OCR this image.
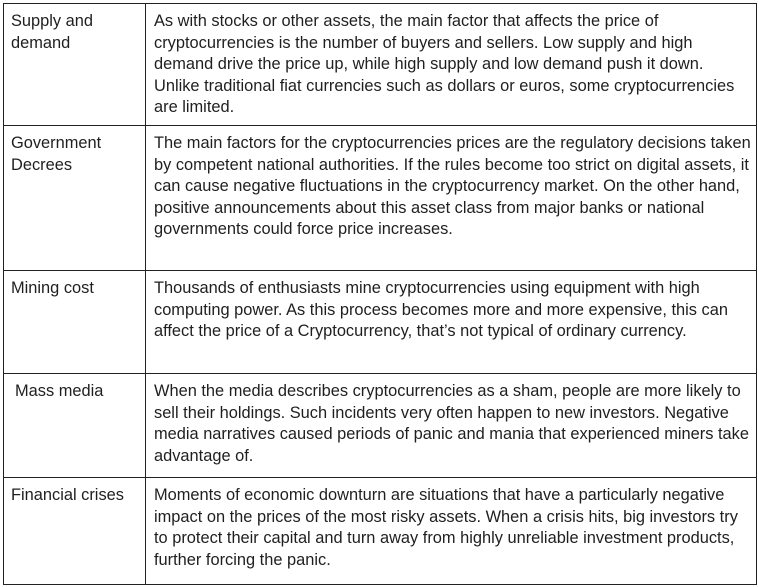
Supply and demand	As with stocks or other assets, the main factor that affects the price of cryptocurrencies is the number of buyers and sellers. Low supply and high demand drive the price up, while high supply and low demand push it down. Unlike traditional fiat currencies such as dollars or euros, some cryptocurrencies are limited.
Government Decrees	The main factors for the cryptocurrencies prices are the regulatory decisions taken by competent national authorities. If the rules become too strict on digital assets, it can cause negative fluctuations in the cryptocurrency market. On the other hand, positive announcements about this asset class from major banks or national governments could force price increases.
Mining cost	Thousands of enthusiasts mine cryptocurrencies using equipment with high computing power. As this process becomes more and more expensive, this can affect the price of a Cryptocurrency, that’s not typical of ordinary currency.
Mass media	When the media describes cryptocurrencies as a sham, people are more likely to sell their holdings. Such incidents very often happen to new investors. Negative media narratives caused periods of panic and mania that experienced miners take advantage of.
Financial crises	Moments of economic downturn are situations that have a particularly negative impact on the prices of the most risky assets. When a crisis hits, big investors try to protect their capital and turn away from highly unreliable investment products, further forcing the panic.
